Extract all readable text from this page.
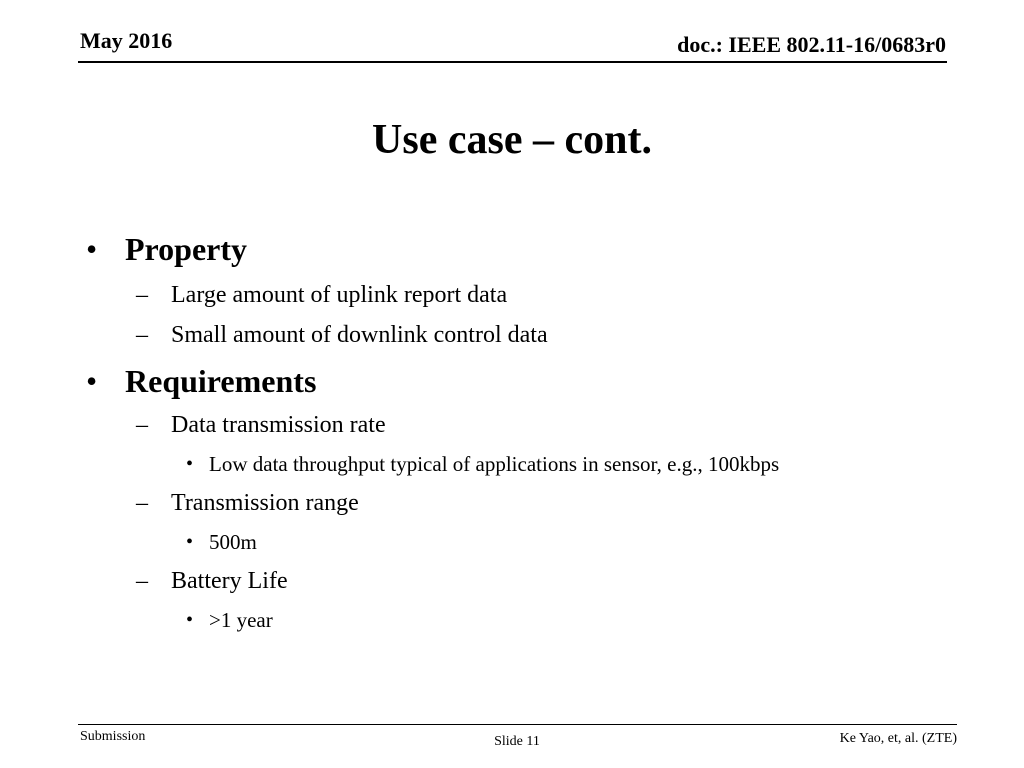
May 2016	doc.: IEEE 802.11-16/0683r0
Use case – cont.
• Property
– Large amount of uplink report data
– Small amount of downlink control data
• Requirements
– Data transmission rate
• Low data throughput typical of applications in sensor, e.g., 100kbps
– Transmission range
• 500m
– Battery Life
• >1 year
Submission	Slide 11	Ke Yao, et, al. (ZTE)
